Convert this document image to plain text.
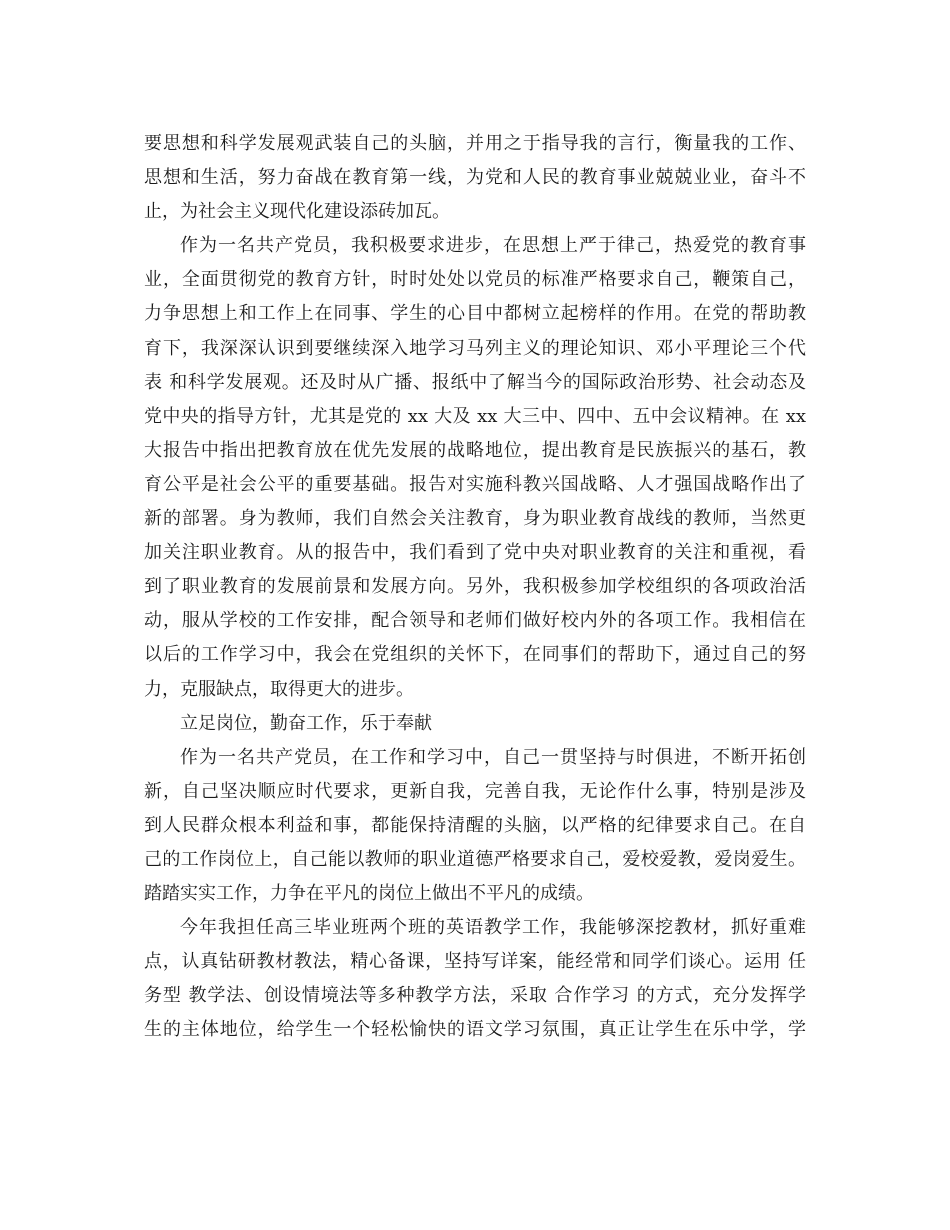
要思想和科学发展观武装自己的头脑，并用之于指导我的言行，衡量我的工作、
思想和生活，努力奋战在教育第一线，为党和人民的教育事业兢兢业业，奋斗不
止，为社会主义现代化建设添砖加瓦。
作为一名共产党员，我积极要求进步，在思想上严于律己，热爱党的教育事
业，全面贯彻党的教育方针，时时处处以党员的标准严格要求自己，鞭策自己，
力争思想上和工作上在同事、学生的心目中都树立起榜样的作用。在党的帮助教
育下，我深深认识到要继续深入地学习马列主义的理论知识、邓小平理论三个代
表 和科学发展观。还及时从广播、报纸中了解当今的国际政治形势、社会动态及
党中央的指导方针，尤其是党的 xx 大及 xx 大三中、四中、五中会议精神。在 xx
大报告中指出把教育放在优先发展的战略地位，提出教育是民族振兴的基石，教
育公平是社会公平的重要基础。报告对实施科教兴国战略、人才强国战略作出了
新的部署。身为教师，我们自然会关注教育，身为职业教育战线的教师，当然更
加关注职业教育。从的报告中，我们看到了党中央对职业教育的关注和重视，看
到了职业教育的发展前景和发展方向。另外，我积极参加学校组织的各项政治活
动，服从学校的工作安排，配合领导和老师们做好校内外的各项工作。我相信在
以后的工作学习中，我会在党组织的关怀下，在同事们的帮助下，通过自己的努
力，克服缺点，取得更大的进步。
立足岗位，勤奋工作，乐于奉献
作为一名共产党员，在工作和学习中，自己一贯坚持与时俱进，不断开拓创
新，自己坚决顺应时代要求，更新自我，完善自我，无论作什么事，特别是涉及
到人民群众根本利益和事，都能保持清醒的头脑，以严格的纪律要求自己。在自
己的工作岗位上，自己能以教师的职业道德严格要求自己，爱校爱教，爱岗爱生。
踏踏实实工作，力争在平凡的岗位上做出不平凡的成绩。
今年我担任高三毕业班两个班的英语教学工作，我能够深挖教材，抓好重难
点，认真钻研教材教法，精心备课，坚持写详案，能经常和同学们谈心。运用 任
务型 教学法、创设情境法等多种教学方法，采取 合作学习 的方式，充分发挥学
生的主体地位，给学生一个轻松愉快的语文学习氛围，真正让学生在乐中学，学
